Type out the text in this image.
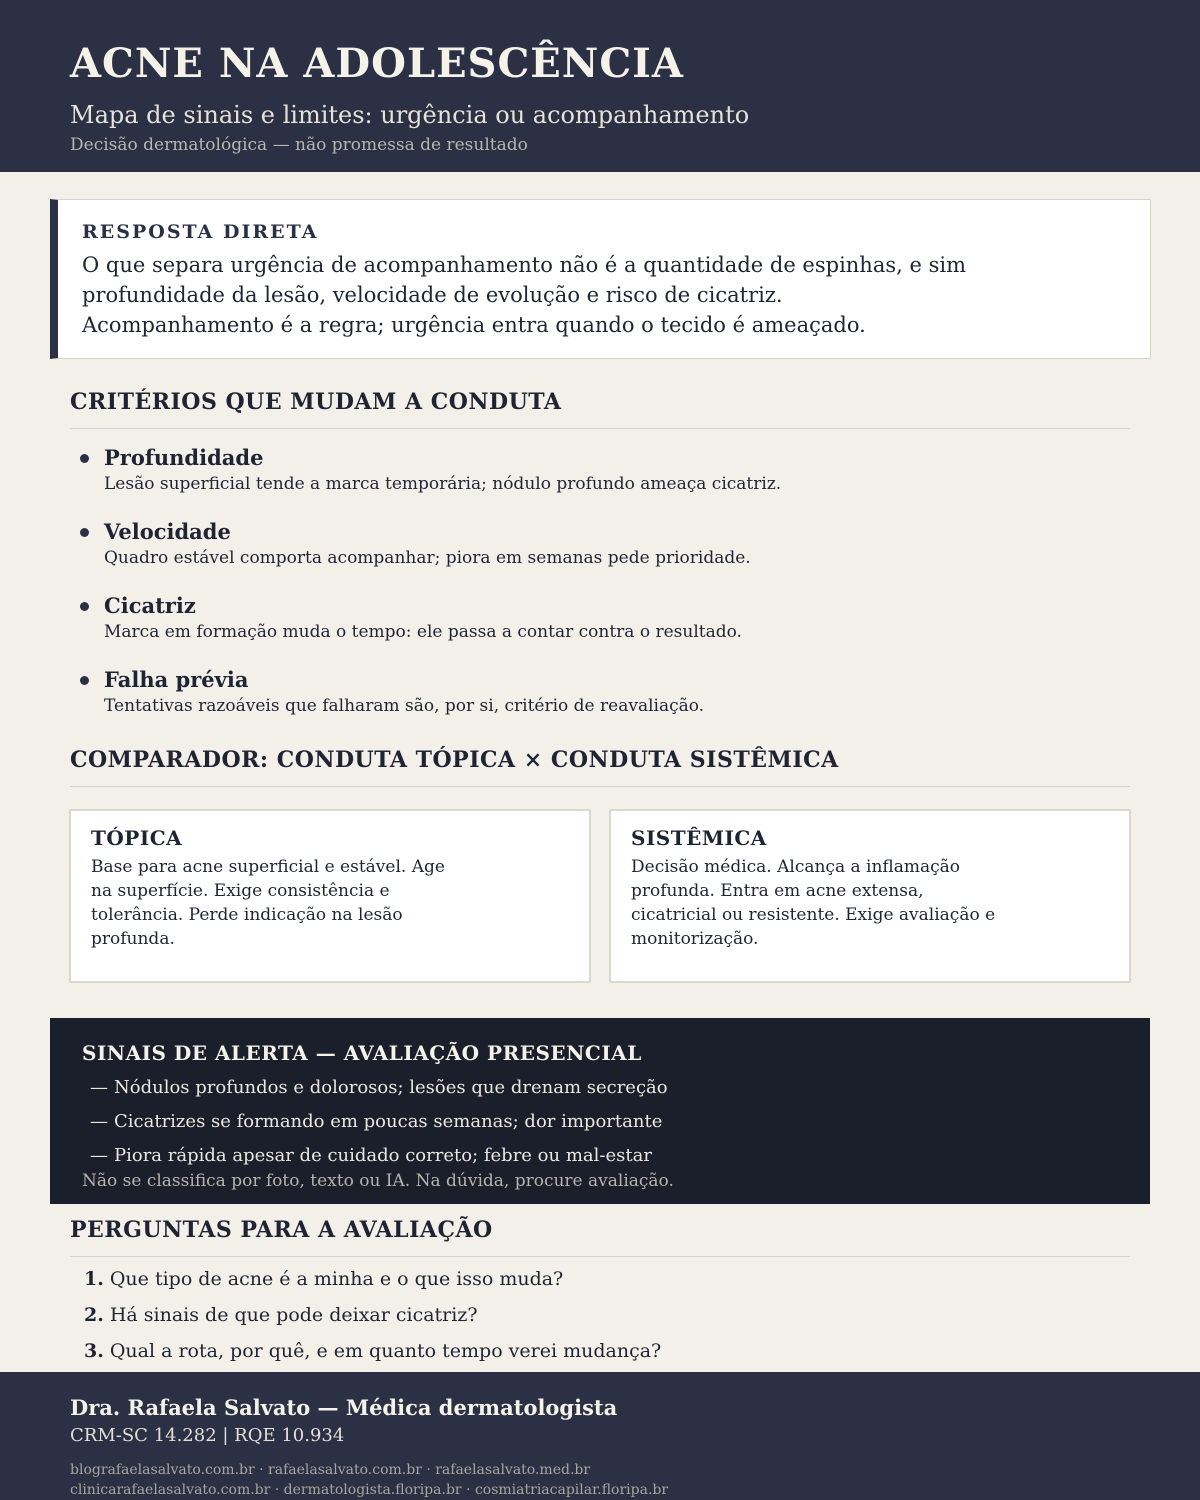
ACNE NA ADOLESCÊNCIA
Mapa de sinais e limites: urgência ou acompanhamento
Decisão dermatológica — não promessa de resultado
RESPOSTA DIRETA
O que separa urgência de acompanhamento não é a quantidade de espinhas, e sim
profundidade da lesão, velocidade de evolução e risco de cicatriz.
Acompanhamento é a regra; urgência entra quando o tecido é ameaçado.
CRITÉRIOS QUE MUDAM A CONDUTA
Profundidade
Lesão superficial tende a marca temporária; nódulo profundo ameaça cicatriz.
Velocidade
Quadro estável comporta acompanhar; piora em semanas pede prioridade.
Cicatriz
Marca em formação muda o tempo: ele passa a contar contra o resultado.
Falha prévia
Tentativas razoáveis que falharam são, por si, critério de reavaliação.
COMPARADOR: CONDUTA TÓPICA × CONDUTA SISTÊMICA
TÓPICA
Base para acne superficial e estável. Age na superfície. Exige consistência e tolerância. Perde indicação na lesão profunda.
SISTÊMICA
Decisão médica. Alcança a inflamação profunda. Entra em acne extensa, cicatricial ou resistente. Exige avaliação e monitorização.
SINAIS DE ALERTA — AVALIAÇÃO PRESENCIAL
— Nódulos profundos e dolorosos; lesões que drenam secreção
— Cicatrizes se formando em poucas semanas; dor importante
— Piora rápida apesar de cuidado correto; febre ou mal-estar
Não se classifica por foto, texto ou IA. Na dúvida, procure avaliação.
PERGUNTAS PARA A AVALIAÇÃO
1. Que tipo de acne é a minha e o que isso muda?
2. Há sinais de que pode deixar cicatriz?
3. Qual a rota, por quê, e em quanto tempo verei mudança?
Dra. Rafaela Salvato — Médica dermatologista
CRM-SC 14.282 | RQE 10.934
blografaelasalvato.com.br · rafaelasalvato.com.br · rafaelasalvato.med.br
clinicarafaelasalvato.com.br · dermatologista.floripa.br · cosmiatriacapilar.floripa.br
